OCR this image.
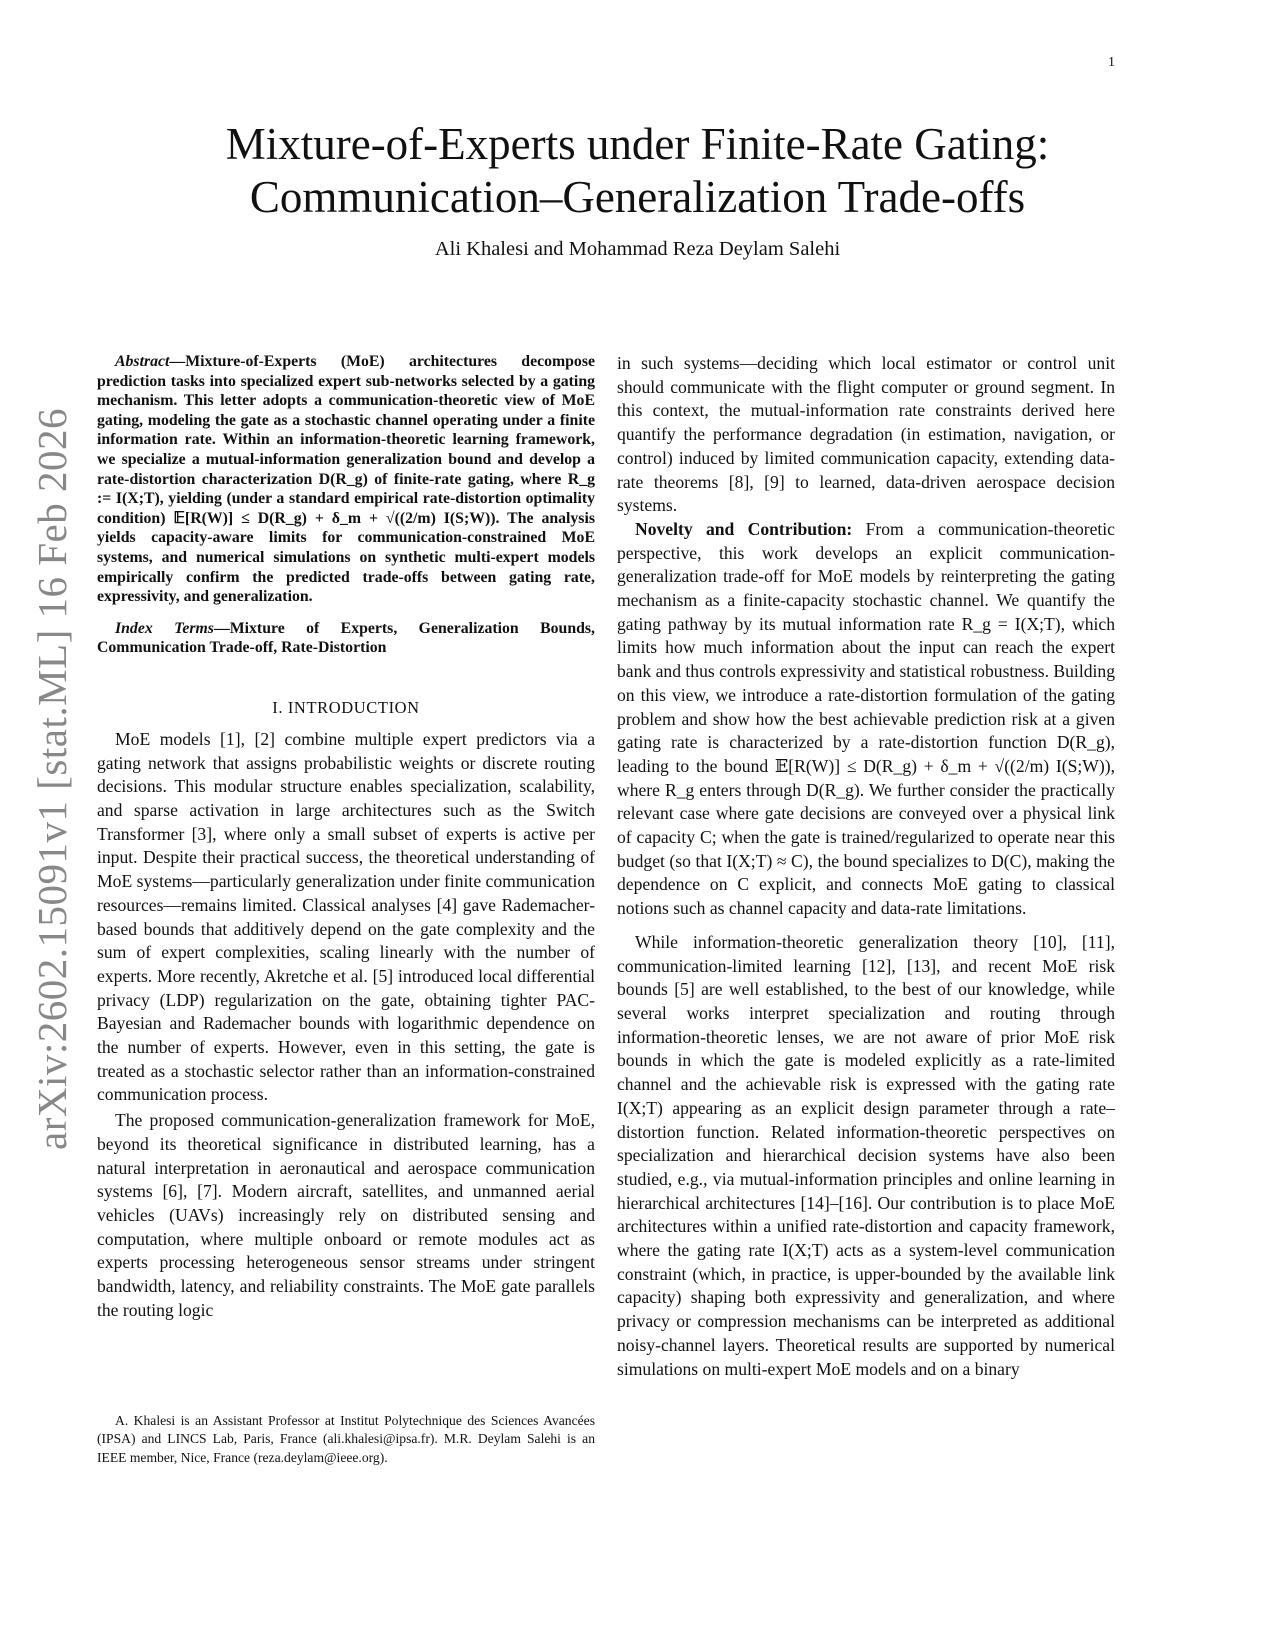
1
arXiv:2602.15091v1 [stat.ML] 16 Feb 2026
Mixture-of-Experts under Finite-Rate Gating:
Communication–Generalization Trade-offs
Ali Khalesi and Mohammad Reza Deylam Salehi

Abstract—Mixture-of-Experts (MoE) architectures decompose prediction tasks into specialized expert sub-networks selected by a gating mechanism. This letter adopts a communication-theoretic view of MoE gating, modeling the gate as a stochastic channel operating under a finite information rate. Within an information-theoretic learning framework, we specialize a mutual-information generalization bound and develop a rate-distortion characterization D(R_g) of finite-rate gating, where R_g := I(X;T), yielding (under a standard empirical rate-distortion optimality condition) 𝔼[R(W)] ≤ D(R_g) + δ_m + √((2/m) I(S;W)). The analysis yields capacity-aware limits for communication-constrained MoE systems, and numerical simulations on synthetic multi-expert models empirically confirm the predicted trade-offs between gating rate, expressivity, and generalization.

Index Terms—Mixture of Experts, Generalization Bounds, Communication Trade-off, Rate-Distortion

I. INTRODUCTION

MoE models [1], [2] combine multiple expert predictors via a gating network that assigns probabilistic weights or discrete routing decisions. This modular structure enables specialization, scalability, and sparse activation in large architectures such as the Switch Transformer [3], where only a small subset of experts is active per input. Despite their practical success, the theoretical understanding of MoE systems—particularly generalization under finite communication resources—remains limited. Classical analyses [4] gave Rademacher-based bounds that additively depend on the gate complexity and the sum of expert complexities, scaling linearly with the number of experts. More recently, Akretche et al. [5] introduced local differential privacy (LDP) regularization on the gate, obtaining tighter PAC-Bayesian and Rademacher bounds with logarithmic dependence on the number of experts. However, even in this setting, the gate is treated as a stochastic selector rather than an information-constrained communication process.

The proposed communication-generalization framework for MoE, beyond its theoretical significance in distributed learning, has a natural interpretation in aeronautical and aerospace communication systems [6], [7]. Modern aircraft, satellites, and unmanned aerial vehicles (UAVs) increasingly rely on distributed sensing and computation, where multiple onboard or remote modules act as experts processing heterogeneous sensor streams under stringent bandwidth, latency, and reliability constraints. The MoE gate parallels the routing logic

A. Khalesi is an Assistant Professor at Institut Polytechnique des Sciences Avancées (IPSA) and LINCS Lab, Paris, France (ali.khalesi@ipsa.fr). M.R. Deylam Salehi is an IEEE member, Nice, France (reza.deylam@ieee.org).

in such systems—deciding which local estimator or control unit should communicate with the flight computer or ground segment. In this context, the mutual-information rate constraints derived here quantify the performance degradation (in estimation, navigation, or control) induced by limited communication capacity, extending data-rate theorems [8], [9] to learned, data-driven aerospace decision systems.

Novelty and Contribution: From a communication-theoretic perspective, this work develops an explicit communication-generalization trade-off for MoE models by reinterpreting the gating mechanism as a finite-capacity stochastic channel. We quantify the gating pathway by its mutual information rate R_g = I(X;T), which limits how much information about the input can reach the expert bank and thus controls expressivity and statistical robustness. Building on this view, we introduce a rate-distortion formulation of the gating problem and show how the best achievable prediction risk at a given gating rate is characterized by a rate-distortion function D(R_g), leading to the bound 𝔼[R(W)] ≤ D(R_g) + δ_m + √((2/m) I(S;W)), where R_g enters through D(R_g). We further consider the practically relevant case where gate decisions are conveyed over a physical link of capacity C; when the gate is trained/regularized to operate near this budget (so that I(X;T) ≈ C), the bound specializes to D(C), making the dependence on C explicit, and connects MoE gating to classical notions such as channel capacity and data-rate limitations.

While information-theoretic generalization theory [10], [11], communication-limited learning [12], [13], and recent MoE risk bounds [5] are well established, to the best of our knowledge, while several works interpret specialization and routing through information-theoretic lenses, we are not aware of prior MoE risk bounds in which the gate is modeled explicitly as a rate-limited channel and the achievable risk is expressed with the gating rate I(X;T) appearing as an explicit design parameter through a rate–distortion function. Related information-theoretic perspectives on specialization and hierarchical decision systems have also been studied, e.g., via mutual-information principles and online learning in hierarchical architectures [14]–[16]. Our contribution is to place MoE architectures within a unified rate-distortion and capacity framework, where the gating rate I(X;T) acts as a system-level communication constraint (which, in practice, is upper-bounded by the available link capacity) shaping both expressivity and generalization, and where privacy or compression mechanisms can be interpreted as additional noisy-channel layers. Theoretical results are supported by numerical simulations on multi-expert MoE models and on a binary
